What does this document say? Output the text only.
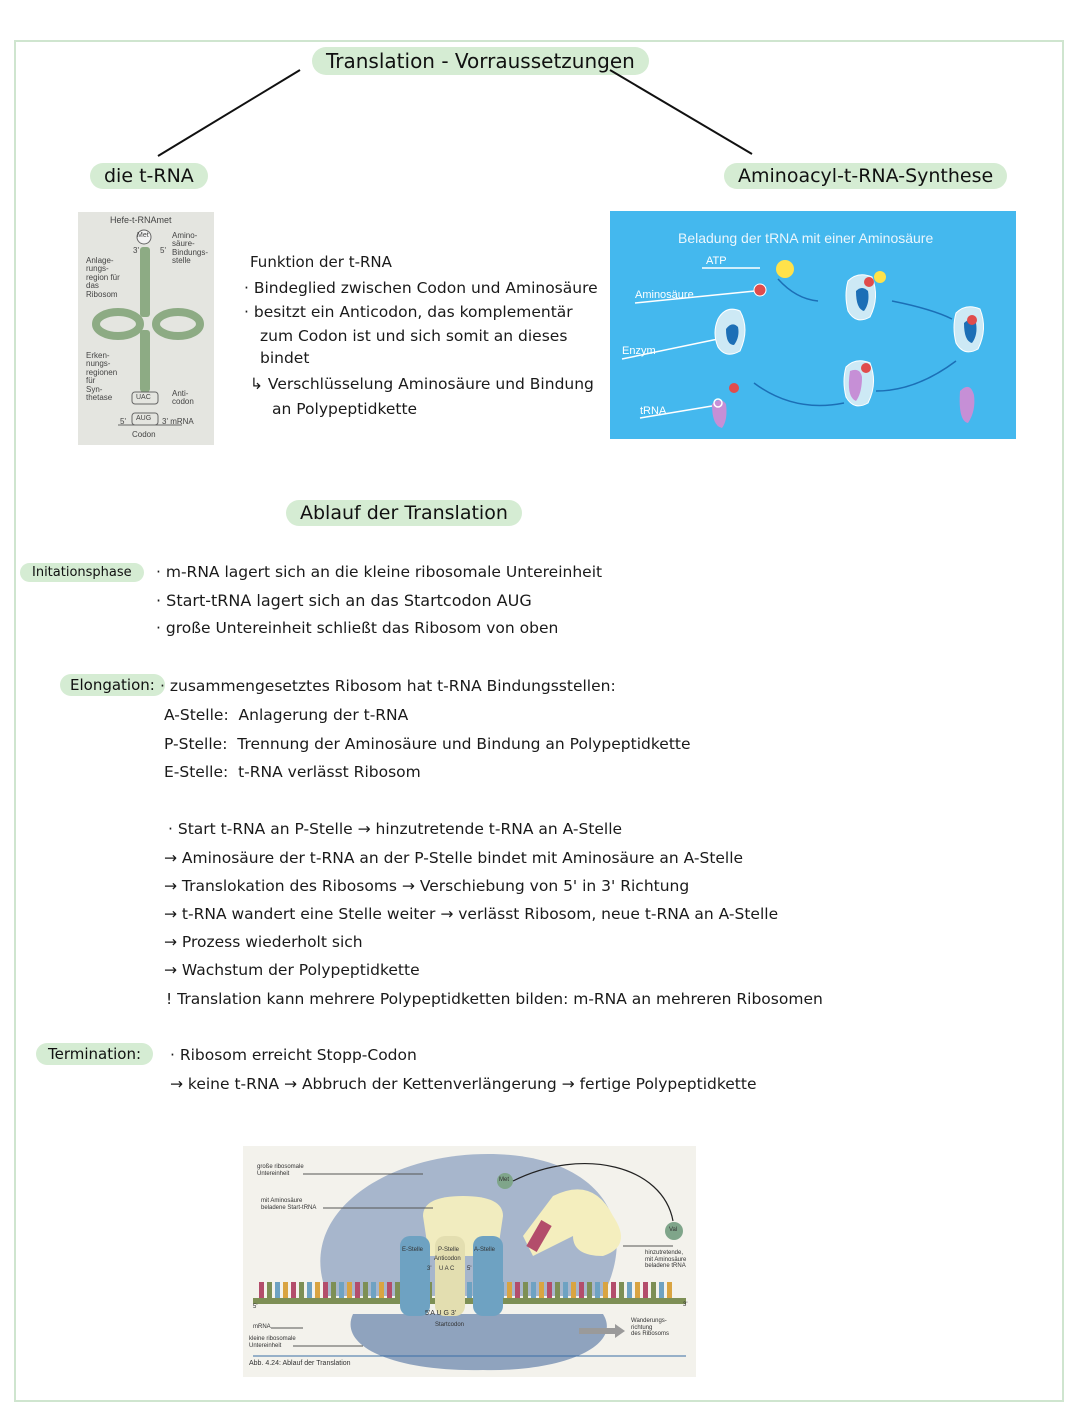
Translation - Vorraussetzungen
die t-RNA	Aminoacyl-t-RNA-Synthese
Hefe-t-RNAmet
Met	Amino-
säure-
Bindungs-
stelle
Anlage-
rungs-
region für
das
Ribosom
3'	5'
Erken-
nungs-
regionen
für
Syn-
thetase	Anti-
codon
UAC
AUG
5'	3' mRNA
Codon
Funktion der t-RNA
· Bindeglied zwischen Codon und Aminosäure
· besitzt ein Anticodon, das komplementär
zum Codon ist und sich somit an dieses
bindet
↳ Verschlüsselung Aminosäure und Bindung
an Polypeptidkette
Beladung der tRNA mit einer Aminosäure
ATP
Aminosäure
Enzym
tRNA
Ablauf der Translation
Initationsphase	· m-RNA lagert sich an die kleine ribosomale Untereinheit
· Start-tRNA lagert sich an das Startcodon AUG
· große Untereinheit schließt das Ribosom von oben
Elongation: · zusammengesetztes Ribosom hat t-RNA Bindungsstellen:
A-Stelle: Anlagerung der t-RNA
P-Stelle: Trennung der Aminosäure und Bindung an Polypeptidkette
E-Stelle: t-RNA verlässt Ribosom
· Start t-RNA an P-Stelle → hinzutretende t-RNA an A-Stelle
→ Aminosäure der t-RNA an der P-Stelle bindet mit Aminosäure an A-Stelle
→ Translokation des Ribosoms → Verschiebung von 5' in 3' Richtung
→ t-RNA wandert eine Stelle weiter → verlässt Ribosom, neue t-RNA an A-Stelle
→ Prozess wiederholt sich
→ Wachstum der Polypeptidkette
! Translation kann mehrere Polypeptidketten bilden: m-RNA an mehreren Ribosomen
Termination:	· Ribosom erreicht Stopp-Codon
→ keine t-RNA → Abbruch der Kettenverlängerung → fertige Polypeptidkette
große ribosomale
Untereinheit
mit Aminosäure
beladene Start-tRNA
Met
Val
E-Stelle P-Stelle A-Stelle
Anticodon
3' U A C 5'
hinzutretende,
mit Aminosäure
beladene tRNA
5'	3'
mRNA
kleine ribosomale
Untereinheit
5'A U G 3'
Startcodon
Wanderungs-
richtung
des Ribosoms
Abb. 4.24: Ablauf der Translation
